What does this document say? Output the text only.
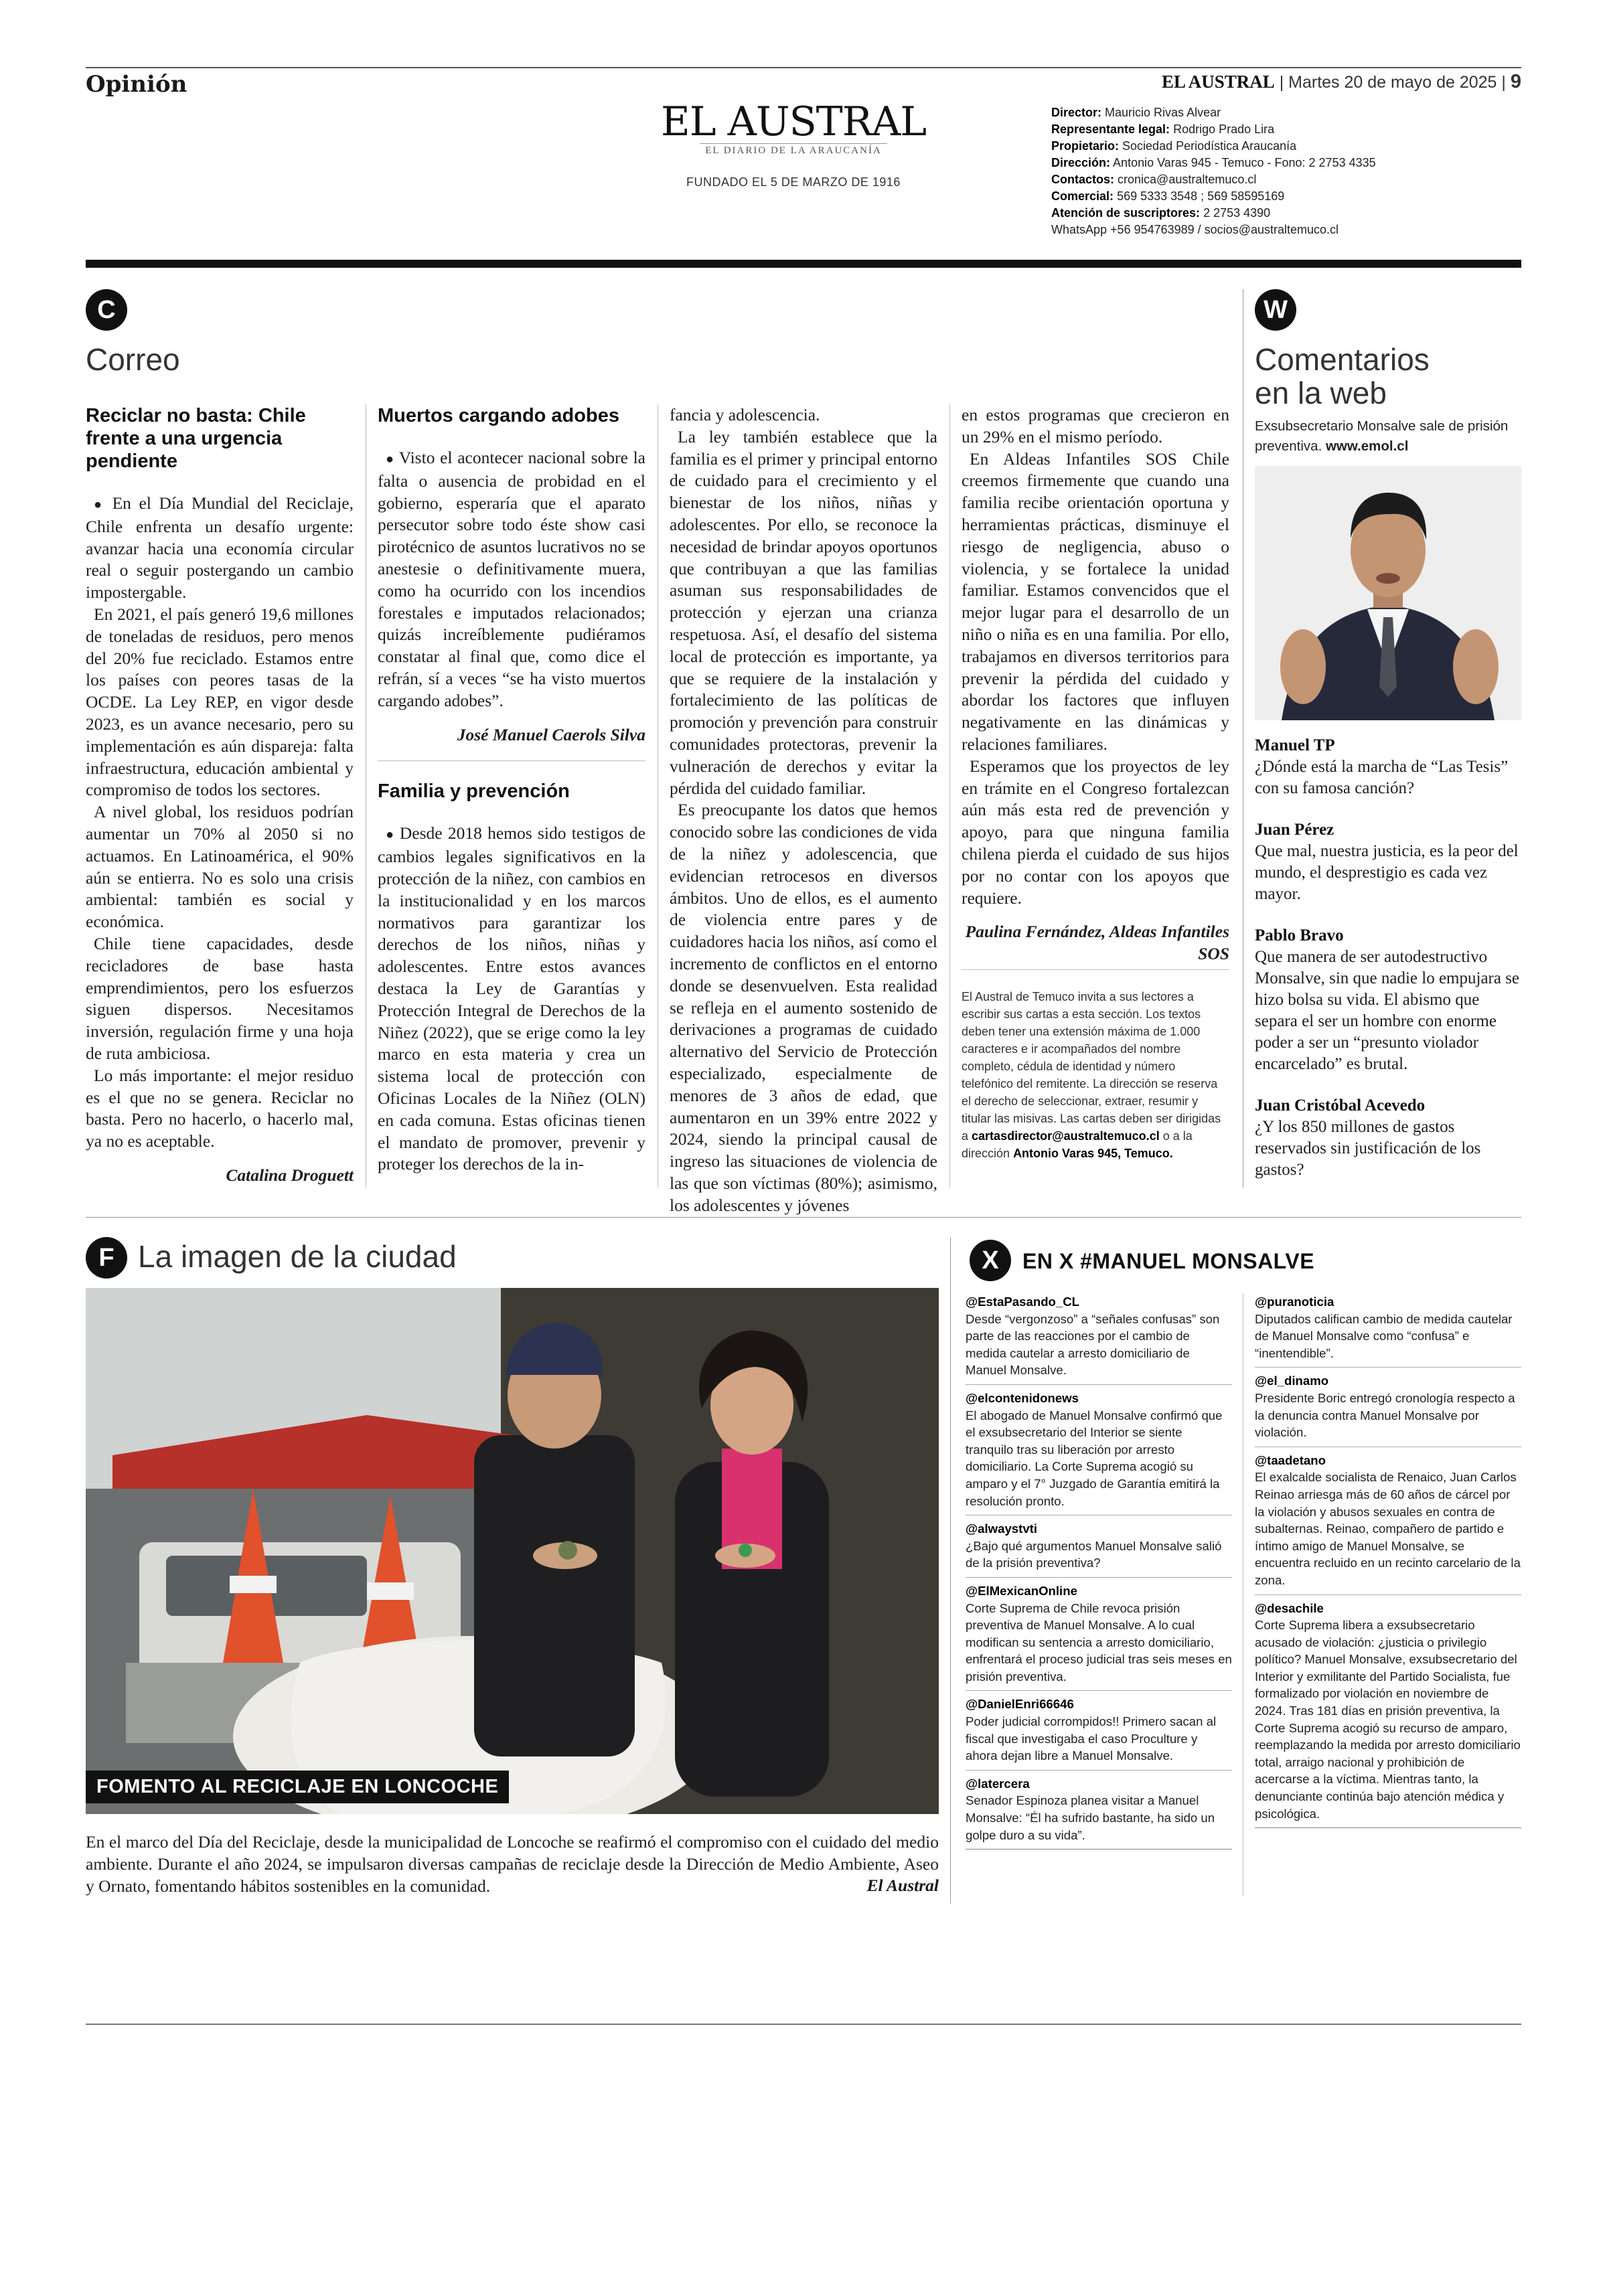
Opinión	EL AUSTRAL | Martes 20 de mayo de 2025 | 9
EL AUSTRAL
EL DIARIO DE LA ARAUCANÍA
FUNDADO EL 5 DE MARZO DE 1916
Director: Mauricio Rivas Alvear
Representante legal: Rodrigo Prado Lira
Propietario: Sociedad Periodística Araucanía
Dirección: Antonio Varas 945 - Temuco - Fono: 2 2753 4335
Contactos: cronica@australtemuco.cl
Comercial: 569 5333 3548 ; 569 58595169
Atención de suscriptores: 2 2753 4390
WhatsApp +56 954763989 / socios@australtemuco.cl
C
Correo
Reciclar no basta: Chile frente a una urgencia pendiente

● En el Día Mundial del Reciclaje, Chile enfrenta un desafío urgente: avanzar hacia una economía circular real o seguir postergando un cambio impostergable.

En 2021, el país generó 19,6 millones de toneladas de residuos, pero menos del 20% fue reciclado. Estamos entre los países con peores tasas de la OCDE. La Ley REP, en vigor desde 2023, es un avance necesario, pero su implementación es aún dispareja: falta infraestructura, educación ambiental y compromiso de todos los sectores.

A nivel global, los residuos podrían aumentar un 70% al 2050 si no actuamos. En Latinoamérica, el 90% aún se entierra. No es solo una crisis ambiental: también es social y económica.

Chile tiene capacidades, desde recicladores de base hasta emprendimientos, pero los esfuerzos siguen dispersos. Necesitamos inversión, regulación firme y una hoja de ruta ambiciosa.

Lo más importante: el mejor residuo es el que no se genera. Reciclar no basta. Pero no hacerlo, o hacerlo mal, ya no es aceptable.

Catalina Droguett

Muertos cargando adobes

● Visto el acontecer nacional sobre la falta o ausencia de probidad en el gobierno, esperaría que el aparato persecutor sobre todo éste show casi pirotécnico de asuntos lucrativos no se anestesie o definitivamente muera, como ha ocurrido con los incendios forestales e imputados relacionados; quizás increíblemente pudiéramos constatar al final que, como dice el refrán, sí a veces “se ha visto muertos cargando adobes”.

José Manuel Caerols Silva

Familia y prevención

● Desde 2018 hemos sido testigos de cambios legales significativos en la protección de la niñez, con cambios en la institucionalidad y en los marcos normativos para garantizar los derechos de los niños, niñas y adolescentes. Entre estos avances destaca la Ley de Garantías y Protección Integral de Derechos de la Niñez (2022), que se erige como la ley marco en esta materia y crea un sistema local de protección con Oficinas Locales de la Niñez (OLN) en cada comuna. Estas oficinas tienen el mandato de promover, prevenir y proteger los derechos de la in-

fancia y adolescencia.

La ley también establece que la familia es el primer y principal entorno de cuidado para el crecimiento y el bienestar de los niños, niñas y adolescentes. Por ello, se reconoce la necesidad de brindar apoyos oportunos que contribuyan a que las familias asuman sus responsabilidades de protección y ejerzan una crianza respetuosa. Así, el desafío del sistema local de protección es importante, ya que se requiere de la instalación y fortalecimiento de las políticas de promoción y prevención para construir comunidades protectoras, prevenir la vulneración de derechos y evitar la pérdida del cuidado familiar.

Es preocupante los datos que hemos conocido sobre las condiciones de vida de la niñez y adolescencia, que evidencian retrocesos en diversos ámbitos. Uno de ellos, es el aumento de violencia entre pares y de cuidadores hacia los niños, así como el incremento de conflictos en el entorno donde se desenvuelven. Esta realidad se refleja en el aumento sostenido de derivaciones a programas de cuidado alternativo del Servicio de Protección especializado, especialmente de menores de 3 años de edad, que aumentaron en un 39% entre 2022 y 2024, siendo la principal causal de ingreso las situaciones de violencia de las que son víctimas (80%); asimismo, los adolescentes y jóvenes

en estos programas que crecieron en un 29% en el mismo período.

En Aldeas Infantiles SOS Chile creemos firmemente que cuando una familia recibe orientación oportuna y herramientas prácticas, disminuye el riesgo de negligencia, abuso o violencia, y se fortalece la unidad familiar. Estamos convencidos que el mejor lugar para el desarrollo de un niño o niña es en una familia. Por ello, trabajamos en diversos territorios para prevenir la pérdida del cuidado y abordar los factores que influyen negativamente en las dinámicas y relaciones familiares.

Esperamos que los proyectos de ley en trámite en el Congreso fortalezcan aún más esta red de prevención y apoyo, para que ninguna familia chilena pierda el cuidado de sus hijos por no contar con los apoyos que requiere.

Paulina Fernández, Aldeas Infantiles SOS

El Austral de Temuco invita a sus lectores a escribir sus cartas a esta sección. Los textos deben tener una extensión máxima de 1.000 caracteres e ir acompañados del nombre completo, cédula de identidad y número telefónico del remitente. La dirección se reserva el derecho de seleccionar, extraer, resumir y titular las misivas. Las cartas deben ser dirigidas a cartasdirector@australtemuco.cl o a la dirección Antonio Varas 945, Temuco.
W
Comentarios
en la web
Exsubsecretario Monsalve sale de prisión preventiva. www.emol.cl
Manuel TP
¿Dónde está la marcha de “Las Tesis” con su famosa canción?
Juan Pérez
Que mal, nuestra justicia, es la peor del mundo, el desprestigio es cada vez mayor.
Pablo Bravo
Que manera de ser autodestructivo Monsalve, sin que nadie lo empujara se hizo bolsa su vida. El abismo que separa el ser un hombre con enorme poder a ser un “presunto violador encarcelado” es brutal.
Juan Cristóbal Acevedo
¿Y los 850 millones de gastos reservados sin justificación de los gastos?
F La imagen de la ciudad
FOMENTO AL RECICLAJE EN LONCOCHE
En el marco del Día del Reciclaje, desde la municipalidad de Loncoche se reafirmó el compromiso con el cuidado del medio ambiente. Durante el año 2024, se impulsaron diversas campañas de reciclaje desde la Dirección de Medio Ambiente, Aseo y Ornato, fomentando hábitos sostenibles en la comunidad.	El Austral
X	EN X #MANUEL MONSALVE
@EstaPasando_CL
Desde “vergonzoso” a “señales confusas” son parte de las reacciones por el cambio de medida cautelar a arresto domiciliario de Manuel Monsalve.
@elcontenidonews
El abogado de Manuel Monsalve confirmó que el exsubsecretario del Interior se siente tranquilo tras su liberación por arresto domiciliario. La Corte Suprema acogió su amparo y el 7° Juzgado de Garantía emitirá la resolución pronto.
@alwaystvti
¿Bajo qué argumentos Manuel Monsalve salió de la prisión preventiva?
@ElMexicanOnline
Corte Suprema de Chile revoca prisión preventiva de Manuel Monsalve. A lo cual modifican su sentencia a arresto domiciliario, enfrentará el proceso judicial tras seis meses en prisión preventiva.
@DanielEnri66646
Poder judicial corrompidos!! Primero sacan al fiscal que investigaba el caso Proculture y ahora dejan libre a Manuel Monsalve.
@latercera
Senador Espinoza planea visitar a Manuel Monsalve: “Él ha sufrido bastante, ha sido un golpe duro a su vida”.
@puranoticia
Diputados califican cambio de medida cautelar de Manuel Monsalve como “confusa” e “inentendible”.
@el_dinamo
Presidente Boric entregó cronología respecto a la denuncia contra Manuel Monsalve por violación.
@taadetano
El exalcalde socialista de Renaico, Juan Carlos Reinao arriesga más de 60 años de cárcel por la violación y abusos sexuales en contra de subalternas. Reinao, compañero de partido e íntimo amigo de Manuel Monsalve, se encuentra recluido en un recinto carcelario de la zona.
@desachile
Corte Suprema libera a exsubsecretario acusado de violación: ¿justicia o privilegio político? Manuel Monsalve, exsubsecretario del Interior y exmilitante del Partido Socialista, fue formalizado por violación en noviembre de 2024. Tras 181 días en prisión preventiva, la Corte Suprema acogió su recurso de amparo, reemplazando la medida por arresto domiciliario total, arraigo nacional y prohibición de acercarse a la víctima. Mientras tanto, la denunciante continúa bajo atención médica y psicológica.
